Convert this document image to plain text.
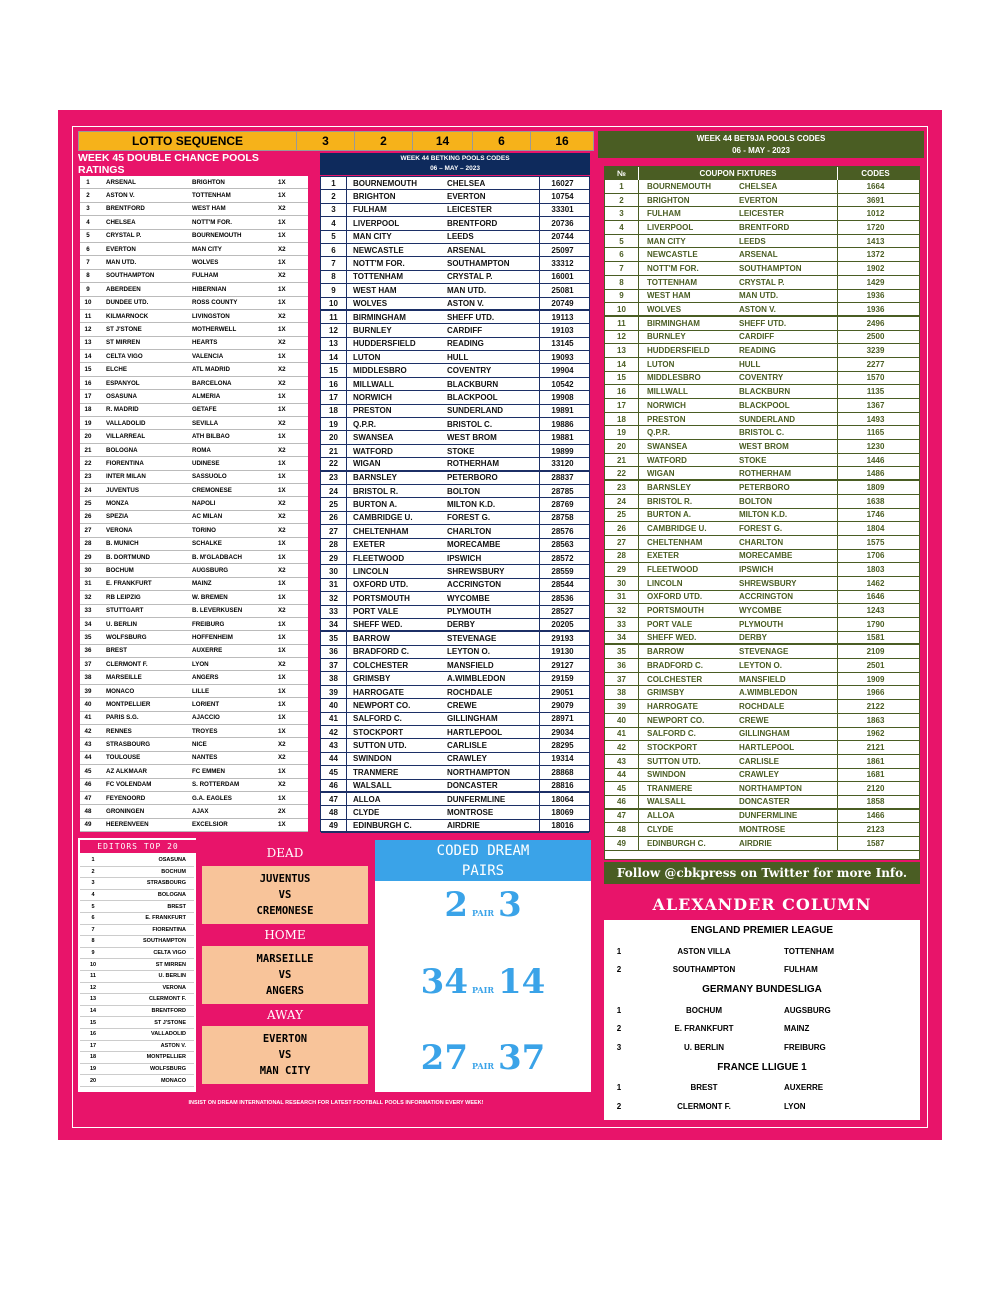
LOTTO SEQUENCE	3	2	14	6	16
WEEK 45 DOUBLE CHANCE POOLS RATINGS
1	ARSENAL	BRIGHTON	1X
2	ASTON V.	TOTTENHAM	1X
3	BRENTFORD	WEST HAM	X2
4	CHELSEA	NOTT'M FOR.	1X
5	CRYSTAL P.	BOURNEMOUTH	1X
6	EVERTON	MAN CITY	X2
7	MAN UTD.	WOLVES	1X
8	SOUTHAMPTON	FULHAM	X2
9	ABERDEEN	HIBERNIAN	1X
10	DUNDEE UTD.	ROSS COUNTY	1X
11	KILMARNOCK	LIVINGSTON	X2
12	ST J'STONE	MOTHERWELL	1X
13	ST MIRREN	HEARTS	X2
14	CELTA VIGO	VALENCIA	1X
15	ELCHE	ATL MADRID	X2
16	ESPANYOL	BARCELONA	X2
17	OSASUNA	ALMERIA	1X
18	R. MADRID	GETAFE	1X
19	VALLADOLID	SEVILLA	X2
20	VILLARREAL	ATH BILBAO	1X
21	BOLOGNA	ROMA	X2
22	FIORENTINA	UDINESE	1X
23	INTER MILAN	SASSUOLO	1X
24	JUVENTUS	CREMONESE	1X
25	MONZA	NAPOLI	X2
26	SPEZIA	AC MILAN	X2
27	VERONA	TORINO	X2
28	B. MUNICH	SCHALKE	1X
29	B. DORTMUND	B. M'GLADBACH	1X
30	BOCHUM	AUGSBURG	X2
31	E. FRANKFURT	MAINZ	1X
32	RB LEIPZIG	W. BREMEN	1X
33	STUTTGART	B. LEVERKUSEN	X2
34	U. BERLIN	FREIBURG	1X
35	WOLFSBURG	HOFFENHEIM	1X
36	BREST	AUXERRE	1X
37	CLERMONT F.	LYON	X2
38	MARSEILLE	ANGERS	1X
39	MONACO	LILLE	1X
40	MONTPELLIER	LORIENT	1X
41	PARIS S.G.	AJACCIO	1X
42	RENNES	TROYES	1X
43	STRASBOURG	NICE	X2
44	TOULOUSE	NANTES	X2
45	AZ ALKMAAR	FC EMMEN	1X
46	FC VOLENDAM	S. ROTTERDAM	X2
47	FEYENOORD	G.A. EAGLES	1X
48	GRONINGEN	AJAX	2X
49	HEERENVEEN	EXCELSIOR	1X
WEEK 44 BETKING POOLS CODES
06 – MAY – 2023
1	BOURNEMOUTH	CHELSEA	16027
2	BRIGHTON	EVERTON	10754
3	FULHAM	LEICESTER	33301
4	LIVERPOOL	BRENTFORD	20736
5	MAN CITY	LEEDS	20744
6	NEWCASTLE	ARSENAL	25097
7	NOTT'M FOR.	SOUTHAMPTON	33312
8	TOTTENHAM	CRYSTAL P.	16001
9	WEST HAM	MAN UTD.	25081
10	WOLVES	ASTON V.	20749
11	BIRMINGHAM	SHEFF UTD.	19113
12	BURNLEY	CARDIFF	19103
13	HUDDERSFIELD	READING	13145
14	LUTON	HULL	19093
15	MIDDLESBRO	COVENTRY	19904
16	MILLWALL	BLACKBURN	10542
17	NORWICH	BLACKPOOL	19908
18	PRESTON	SUNDERLAND	19891
19	Q.P.R.	BRISTOL C.	19886
20	SWANSEA	WEST BROM	19881
21	WATFORD	STOKE	19899
22	WIGAN	ROTHERHAM	33120
23	BARNSLEY	PETERBORO	28837
24	BRISTOL R.	BOLTON	28785
25	BURTON A.	MILTON K.D.	28769
26	CAMBRIDGE U.	FOREST G.	28758
27	CHELTENHAM	CHARLTON	28576
28	EXETER	MORECAMBE	28563
29	FLEETWOOD	IPSWICH	28572
30	LINCOLN	SHREWSBURY	28559
31	OXFORD UTD.	ACCRINGTON	28544
32	PORTSMOUTH	WYCOMBE	28536
33	PORT VALE	PLYMOUTH	28527
34	SHEFF WED.	DERBY	20205
35	BARROW	STEVENAGE	29193
36	BRADFORD C.	LEYTON O.	19130
37	COLCHESTER	MANSFIELD	29127
38	GRIMSBY	A.WIMBLEDON	29159
39	HARROGATE	ROCHDALE	29051
40	NEWPORT CO.	CREWE	29079
41	SALFORD C.	GILLINGHAM	28971
42	STOCKPORT	HARTLEPOOL	29034
43	SUTTON UTD.	CARLISLE	28295
44	SWINDON	CRAWLEY	19314
45	TRANMERE	NORTHAMPTON	28868
46	WALSALL	DONCASTER	28816
47	ALLOA	DUNFERMLINE	18064
48	CLYDE	MONTROSE	18069
49	EDINBURGH C.	AIRDRIE	18016
WEEK 44 BET9JA POOLS CODES
06 - MAY - 2023
№	COUPON FIXTURES	CODES
1	BOURNEMOUTH	CHELSEA	1664
2	BRIGHTON	EVERTON	3691
3	FULHAM	LEICESTER	1012
4	LIVERPOOL	BRENTFORD	1720
5	MAN CITY	LEEDS	1413
6	NEWCASTLE	ARSENAL	1372
7	NOTT'M FOR.	SOUTHAMPTON	1902
8	TOTTENHAM	CRYSTAL P.	1429
9	WEST HAM	MAN UTD.	1936
10	WOLVES	ASTON V.	1936
11	BIRMINGHAM	SHEFF UTD.	2496
12	BURNLEY	CARDIFF	2500
13	HUDDERSFIELD	READING	3239
14	LUTON	HULL	2277
15	MIDDLESBRO	COVENTRY	1570
16	MILLWALL	BLACKBURN	1135
17	NORWICH	BLACKPOOL	1367
18	PRESTON	SUNDERLAND	1493
19	Q.P.R.	BRISTOL C.	1165
20	SWANSEA	WEST BROM	1230
21	WATFORD	STOKE	1446
22	WIGAN	ROTHERHAM	1486
23	BARNSLEY	PETERBORO	1809
24	BRISTOL R.	BOLTON	1638
25	BURTON A.	MILTON K.D.	1746
26	CAMBRIDGE U.	FOREST G.	1804
27	CHELTENHAM	CHARLTON	1575
28	EXETER	MORECAMBE	1706
29	FLEETWOOD	IPSWICH	1803
30	LINCOLN	SHREWSBURY	1462
31	OXFORD UTD.	ACCRINGTON	1646
32	PORTSMOUTH	WYCOMBE	1243
33	PORT VALE	PLYMOUTH	1790
34	SHEFF WED.	DERBY	1581
35	BARROW	STEVENAGE	2109
36	BRADFORD C.	LEYTON O.	2501
37	COLCHESTER	MANSFIELD	1909
38	GRIMSBY	A.WIMBLEDON	1966
39	HARROGATE	ROCHDALE	2122
40	NEWPORT CO.	CREWE	1863
41	SALFORD C.	GILLINGHAM	1962
42	STOCKPORT	HARTLEPOOL	2121
43	SUTTON UTD.	CARLISLE	1861
44	SWINDON	CRAWLEY	1681
45	TRANMERE	NORTHAMPTON	2120
46	WALSALL	DONCASTER	1858
47	ALLOA	DUNFERMLINE	1466
48	CLYDE	MONTROSE	2123
49	EDINBURGH C.	AIRDRIE	1587
EDITORS TOP 20
1	OSASUNA
2	BOCHUM
3	STRASBOURG
4	BOLOGNA
5	BREST
6	E. FRANKFURT
7	FIORENTINA
8	SOUTHAMPTON
9	CELTA VIGO
10	ST MIRREN
11	U. BERLIN
12	VERONA
13	CLERMONT F.
14	BRENTFORD
15	ST J'STONE
16	VALLADOLID
17	ASTON V.
18	MONTPELLIER
19	WOLFSBURG
20	MONACO
DEAD
JUVENTUS
VS
CREMONESE
HOME
MARSEILLE
VS
ANGERS
AWAY
EVERTON
VS
MAN CITY
CODED DREAM
PAIRS
2 PAIR 3
34 PAIR 14
27 PAIR 37
INSIST ON DREAM INTERNATIONAL RESEARCH FOR LATEST FOOTBALL POOLS INFORMATION EVERY WEEK!
Follow @cbkpress on Twitter for more Info.
ALEXANDER COLUMN
ENGLAND PREMIER LEAGUE
1	ASTON VILLA	TOTTENHAM
2	SOUTHAMPTON	FULHAM
GERMANY BUNDESLIGA
1	BOCHUM	AUGSBURG
2	E. FRANKFURT	MAINZ
3	U. BERLIN	FREIBURG
FRANCE LLIGUE 1
1	BREST	AUXERRE
2	CLERMONT F.	LYON
